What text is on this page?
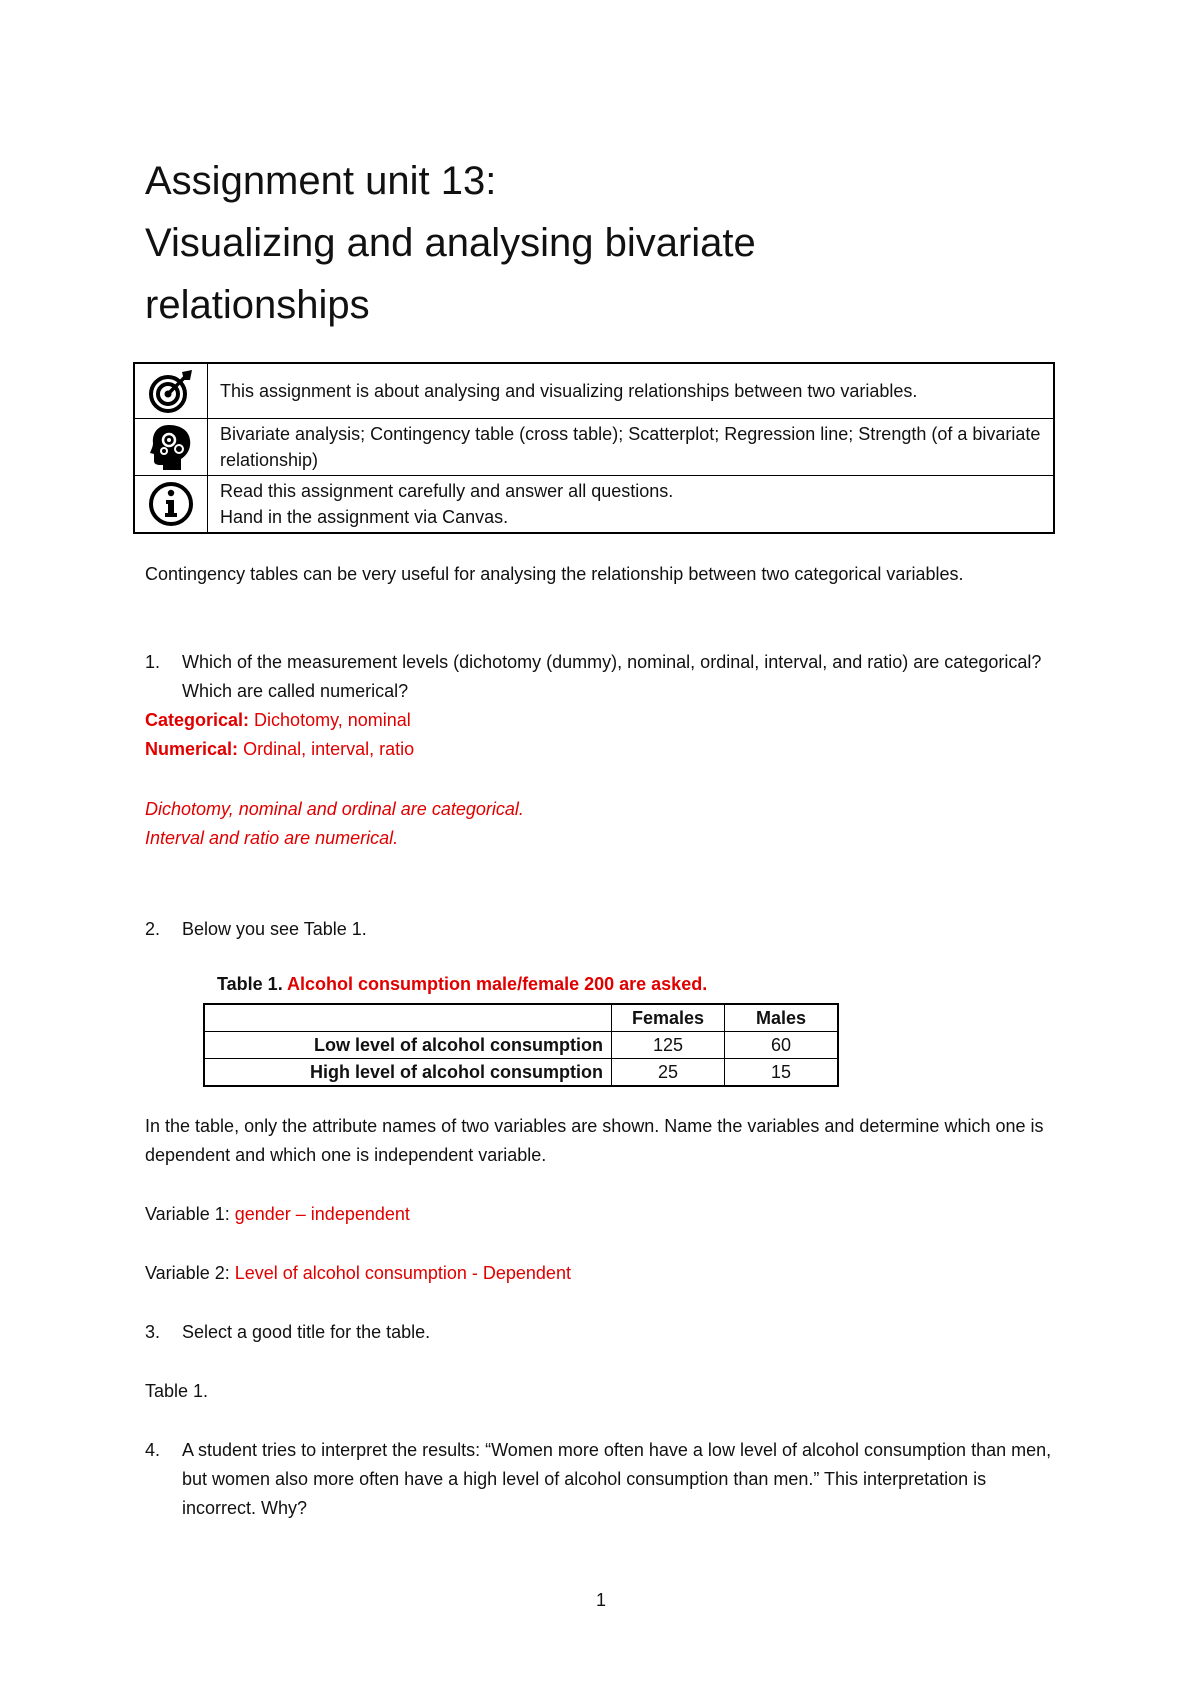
Assignment unit 13:
Visualizing and analysing bivariate
relationships
	This assignment is about analysing and visualizing relationships between two variables.

	Bivariate analysis; Contingency table (cross table); Scatterplot; Regression line; Strength (of a bivariate relationship)

Read this assignment carefully and answer all questions.
Hand in the assignment via Canvas.
Contingency tables can be very useful for analysing the relationship between two categorical variables.
1. Which of the measurement levels (dichotomy (dummy), nominal, ordinal, interval, and ratio) are categorical? Which are called numerical?
Categorical: Dichotomy, nominal
Numerical: Ordinal, interval, ratio
Dichotomy, nominal and ordinal are categorical.
Interval and ratio are numerical.
2. Below you see Table 1.
Table 1. Alcohol consumption male/female 200 are asked.
	Females	Males
Low level of alcohol consumption	125	60
High level of alcohol consumption	25	15
In the table, only the attribute names of two variables are shown. Name the variables and determine which one is dependent and which one is independent variable.
Variable 1: gender – independent
Variable 2: Level of alcohol consumption - Dependent
3. Select a good title for the table.
Table 1.
4. A student tries to interpret the results: “Women more often have a low level of alcohol consumption than men, but women also more often have a high level of alcohol consumption than men.” This interpretation is incorrect. Why?
1
